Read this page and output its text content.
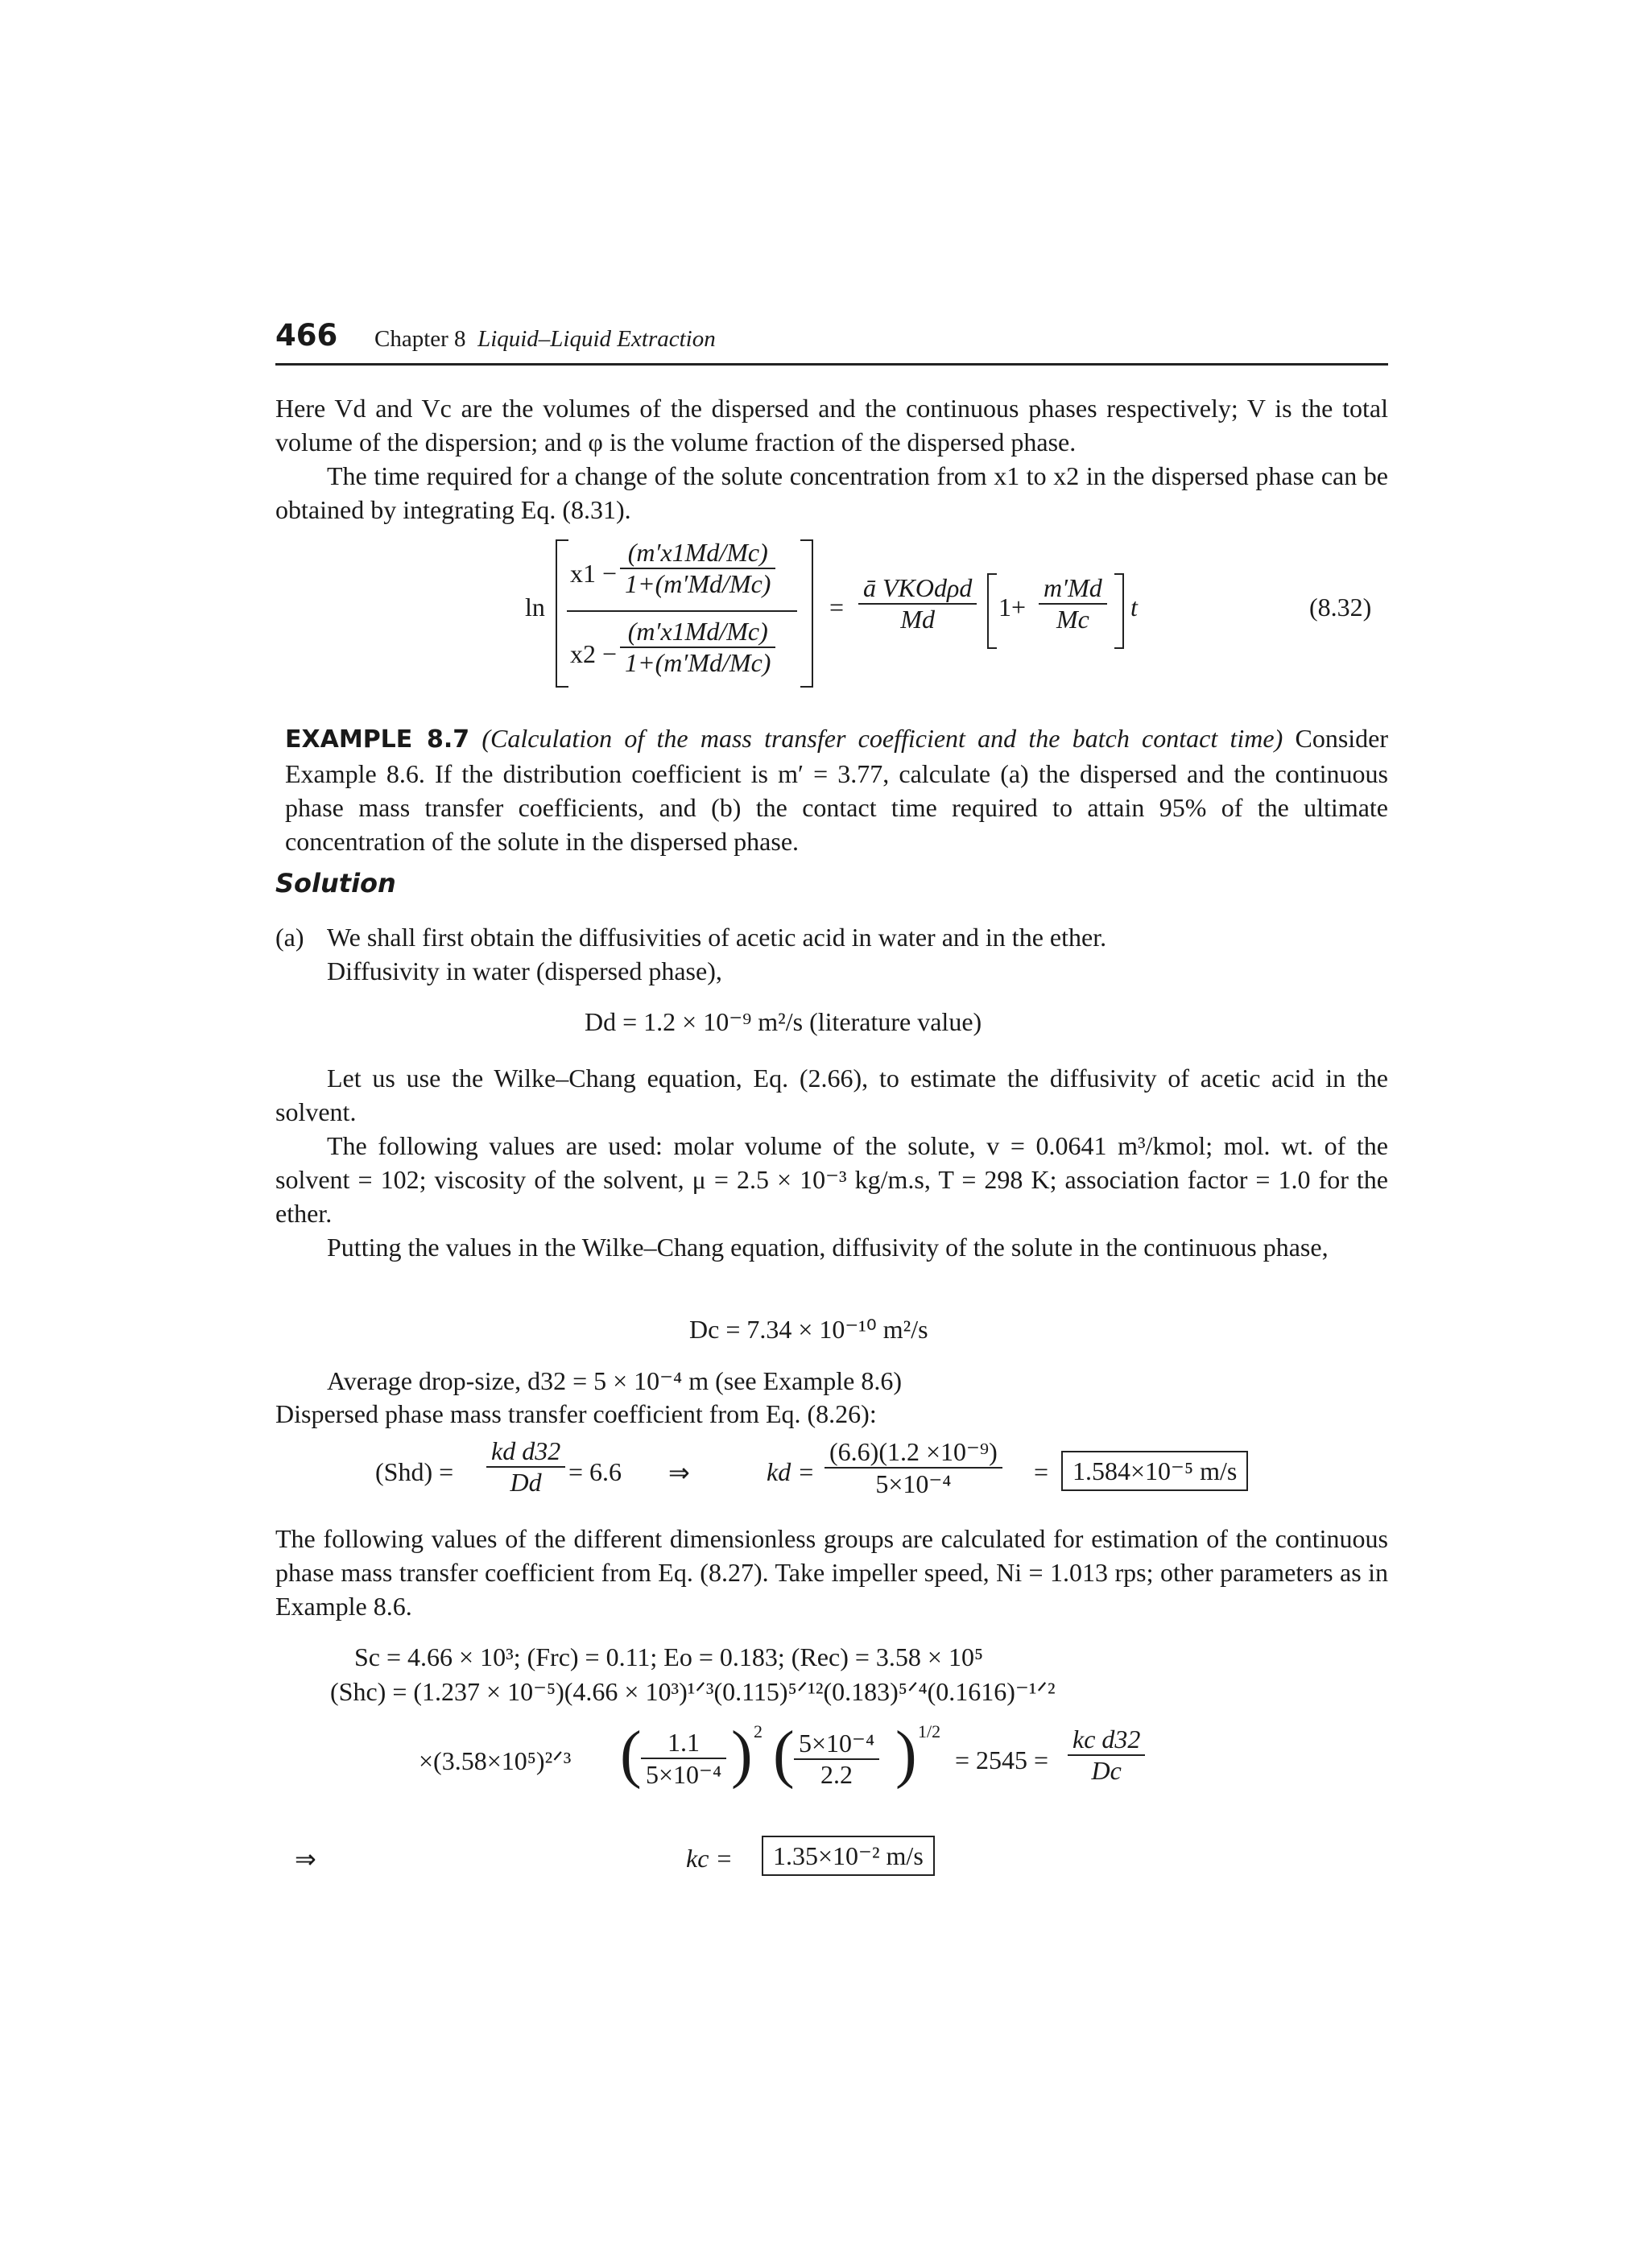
466 Chapter 8 Liquid–Liquid Extraction
Here Vd and Vc are the volumes of the dispersed and the continuous phases respectively; V is the total volume of the dispersion; and φ is the volume fraction of the dispersed phase.
The time required for a change of the solute concentration from x1 to x2 in the dispersed phase can be obtained by integrating Eq. (8.31).
ln
$x1 - \frac{(m'x1Md/Mc)}{1+(m'Md/Mc)}$
$x2 - \frac{(m'x1Md/Mc)}{1+(m'Md/Mc)}$
=
ā VKOdρd
Md	$1+ \frac{m'Md}{Mc}$ t	(8.32)
EXAMPLE 8.7 (Calculation of the mass transfer coefficient and the batch contact time) Consider Example 8.6. If the distribution coefficient is m′ = 3.77, calculate (a) the dispersed and the continuous phase mass transfer coefficients, and (b) the contact time required to attain 95% of the ultimate concentration of the solute in the dispersed phase.
Solution
(a) We shall first obtain the diffusivities of acetic acid in water and in the ether.
Diffusivity in water (dispersed phase),
Dd = 1.2 × 10⁻⁹ m²/s (literature value)
Let us use the Wilke–Chang equation, Eq. (2.66), to estimate the diffusivity of acetic acid in the solvent.
The following values are used: molar volume of the solute, v = 0.0641 m³/kmol; mol. wt. of the solvent = 102; viscosity of the solvent, μ = 2.5 × 10⁻³ kg/m.s, T = 298 K; association factor = 1.0 for the ether.
Putting the values in the Wilke–Chang equation, diffusivity of the solute in the continuous phase,
Dc = 7.34 × 10⁻¹⁰ m²/s
Average drop-size, d32 = 5 × 10⁻⁴ m (see Example 8.6)
Dispersed phase mass transfer coefficient from Eq. (8.26):
$(Shd) = \frac{\text{kd d32}}{Dd} = 6.6$ ⇒	kd = $\frac{\text{(6.6)(1.2 ×10⁻⁹)}}{\text{5×10⁻⁴}} = 1.584\times 10^{-5}$ m/s
The following values of the different dimensionless groups are calculated for estimation of the continuous phase mass transfer coefficient from Eq. (8.27). Take impeller speed, Ni = 1.013 rps; other parameters as in Example 8.6.
Sc = 4.66 × 10³; (Frc) = 0.11; Eo = 0.183; (Rec) = 3.58 × 10⁵
(Shc) = (1.237 × 10⁻⁵)(4.66 × 10³)¹ᐟ³(0.115)⁵ᐟ¹²(0.183)⁵ᐟ⁴(0.1616)⁻¹ᐟ²
×(3.58×10⁵)²ᐟ³ ( $\frac{1.1}{\text{5×10⁻⁴}}$ ) 2 ( $\frac{\text{5×10⁻⁴}}{2.2}$ ) 1/2
= $2545 = \frac{\text{kc d32}}{Dc}$
⇒	kc =	1.35×10⁻² m/s
